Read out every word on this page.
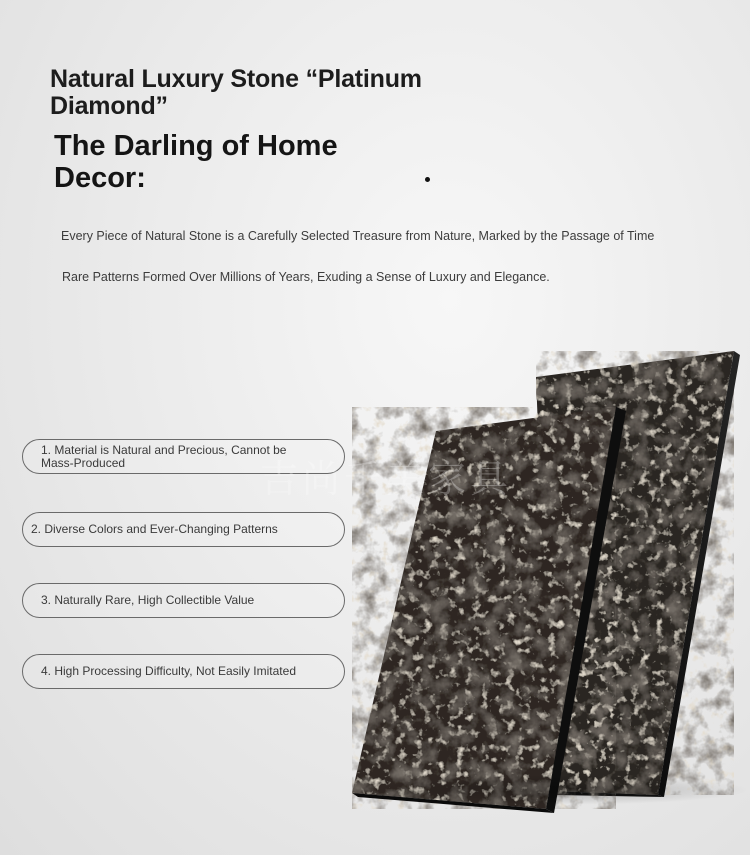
Natural Luxury Stone “Platinum Diamond”
The Darling of Home Decor:
Every Piece of Natural Stone is a Carefully Selected Treasure from Nature, Marked by the Passage of Time
Rare Patterns Formed Over Millions of Years, Exuding a Sense of Luxury and Elegance.
1. Material is Natural and Precious, Cannot be Mass-Produced
2. Diverse Colors and Ever-Changing Patterns
3. Naturally Rare, High Collectible Value
4. High Processing Difficulty, Not Easily Imitated
吉尚千美家具
